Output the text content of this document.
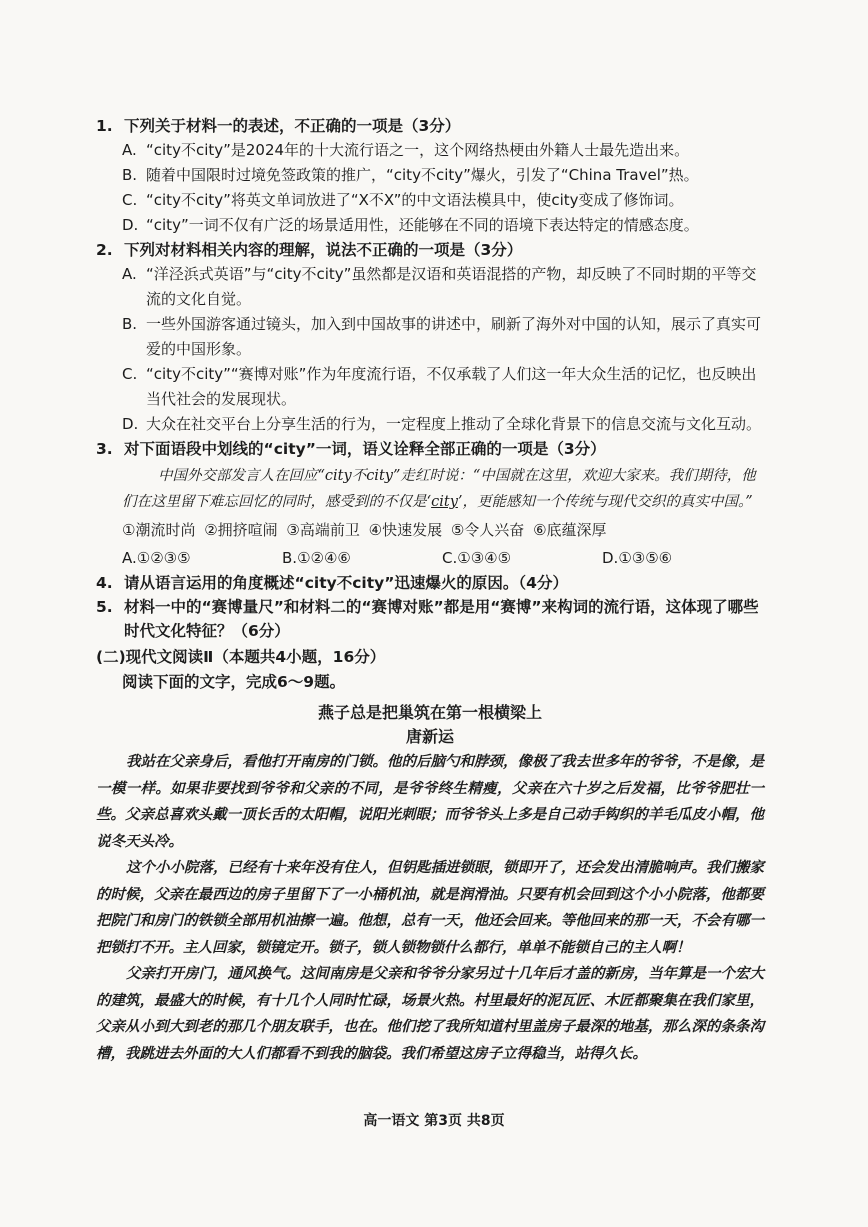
1. 下列关于材料一的表述，不正确的一项是（3分）

A. “city不city”是2024年的十大流行语之一，这个网络热梗由外籍人士最先造出来。

B. 随着中国限时过境免签政策的推广，“city不city”爆火，引发了“China Travel”热。

C. “city不city”将英文单词放进了“X不X”的中文语法模具中，使city变成了修饰词。

D. “city”一词不仅有广泛的场景适用性，还能够在不同的语境下表达特定的情感态度。

2. 下列对材料相关内容的理解，说法不正确的一项是（3分）

A. “洋泾浜式英语”与“city不city”虽然都是汉语和英语混搭的产物，却反映了不同时期的平等交流的文化自觉。

B. 一些外国游客通过镜头，加入到中国故事的讲述中，刷新了海外对中国的认知，展示了真实可爱的中国形象。

C. “city不city”“赛博对账”作为年度流行语，不仅承载了人们这一年大众生活的记忆，也反映出当代社会的发展现状。

D. 大众在社交平台上分享生活的行为，一定程度上推动了全球化背景下的信息交流与文化互动。

3. 对下面语段中划线的“city”一词，语义诠释全部正确的一项是（3分）

中国外交部发言人在回应“city不city”走红时说：“中国就在这里，欢迎大家来。我们期待，他们在这里留下难忘回忆的同时，感受到的不仅是‘city’，更能感知一个传统与现代交织的真实中国。”

①潮流时尚 ②拥挤喧闹 ③高端前卫 ④快速发展 ⑤令人兴奋 ⑥底蕴深厚

A.①②③⑤	B.①②④⑥	C.①③④⑤	D.①③⑤⑥

4. 请从语言运用的角度概述“city不city”迅速爆火的原因。（4分）

5. 材料一中的“赛博量尺”和材料二的“赛博对账”都是用“赛博”来构词的流行语，这体现了哪些时代文化特征？（6分）

(二)现代文阅读Ⅱ（本题共4小题，16分）

阅读下面的文字，完成6～9题。

燕子总是把巢筑在第一根横梁上

唐新运

我站在父亲身后，看他打开南房的门锁。他的后脑勺和脖颈，像极了我去世多年的爷爷，不是像，是一模一样。如果非要找到爷爷和父亲的不同，是爷爷终生精瘦，父亲在六十岁之后发福，比爷爷肥壮一些。父亲总喜欢头戴一顶长舌的太阳帽，说阳光刺眼；而爷爷头上多是自己动手钩织的羊毛瓜皮小帽，他说冬天头冷。

这个小小院落，已经有十来年没有住人，但钥匙插进锁眼，锁即开了，还会发出清脆响声。我们搬家的时候，父亲在最西边的房子里留下了一小桶机油，就是润滑油。只要有机会回到这个小小院落，他都要把院门和房门的铁锁全部用机油擦一遍。他想，总有一天，他还会回来。等他回来的那一天，不会有哪一把锁打不开。主人回家，锁镜定开。锁子，锁人锁物锁什么都行，单单不能锁自己的主人啊！

父亲打开房门，通风换气。这间南房是父亲和爷爷分家另过十几年后才盖的新房，当年算是一个宏大的建筑，最盛大的时候，有十几个人同时忙碌，场景火热。村里最好的泥瓦匠、木匠都聚集在我们家里，父亲从小到大到老的那几个朋友联手，也在。他们挖了我所知道村里盖房子最深的地基，那么深的条条沟槽，我跳进去外面的大人们都看不到我的脑袋。我们希望这房子立得稳当，站得久长。

高一语文 第3页 共8页
